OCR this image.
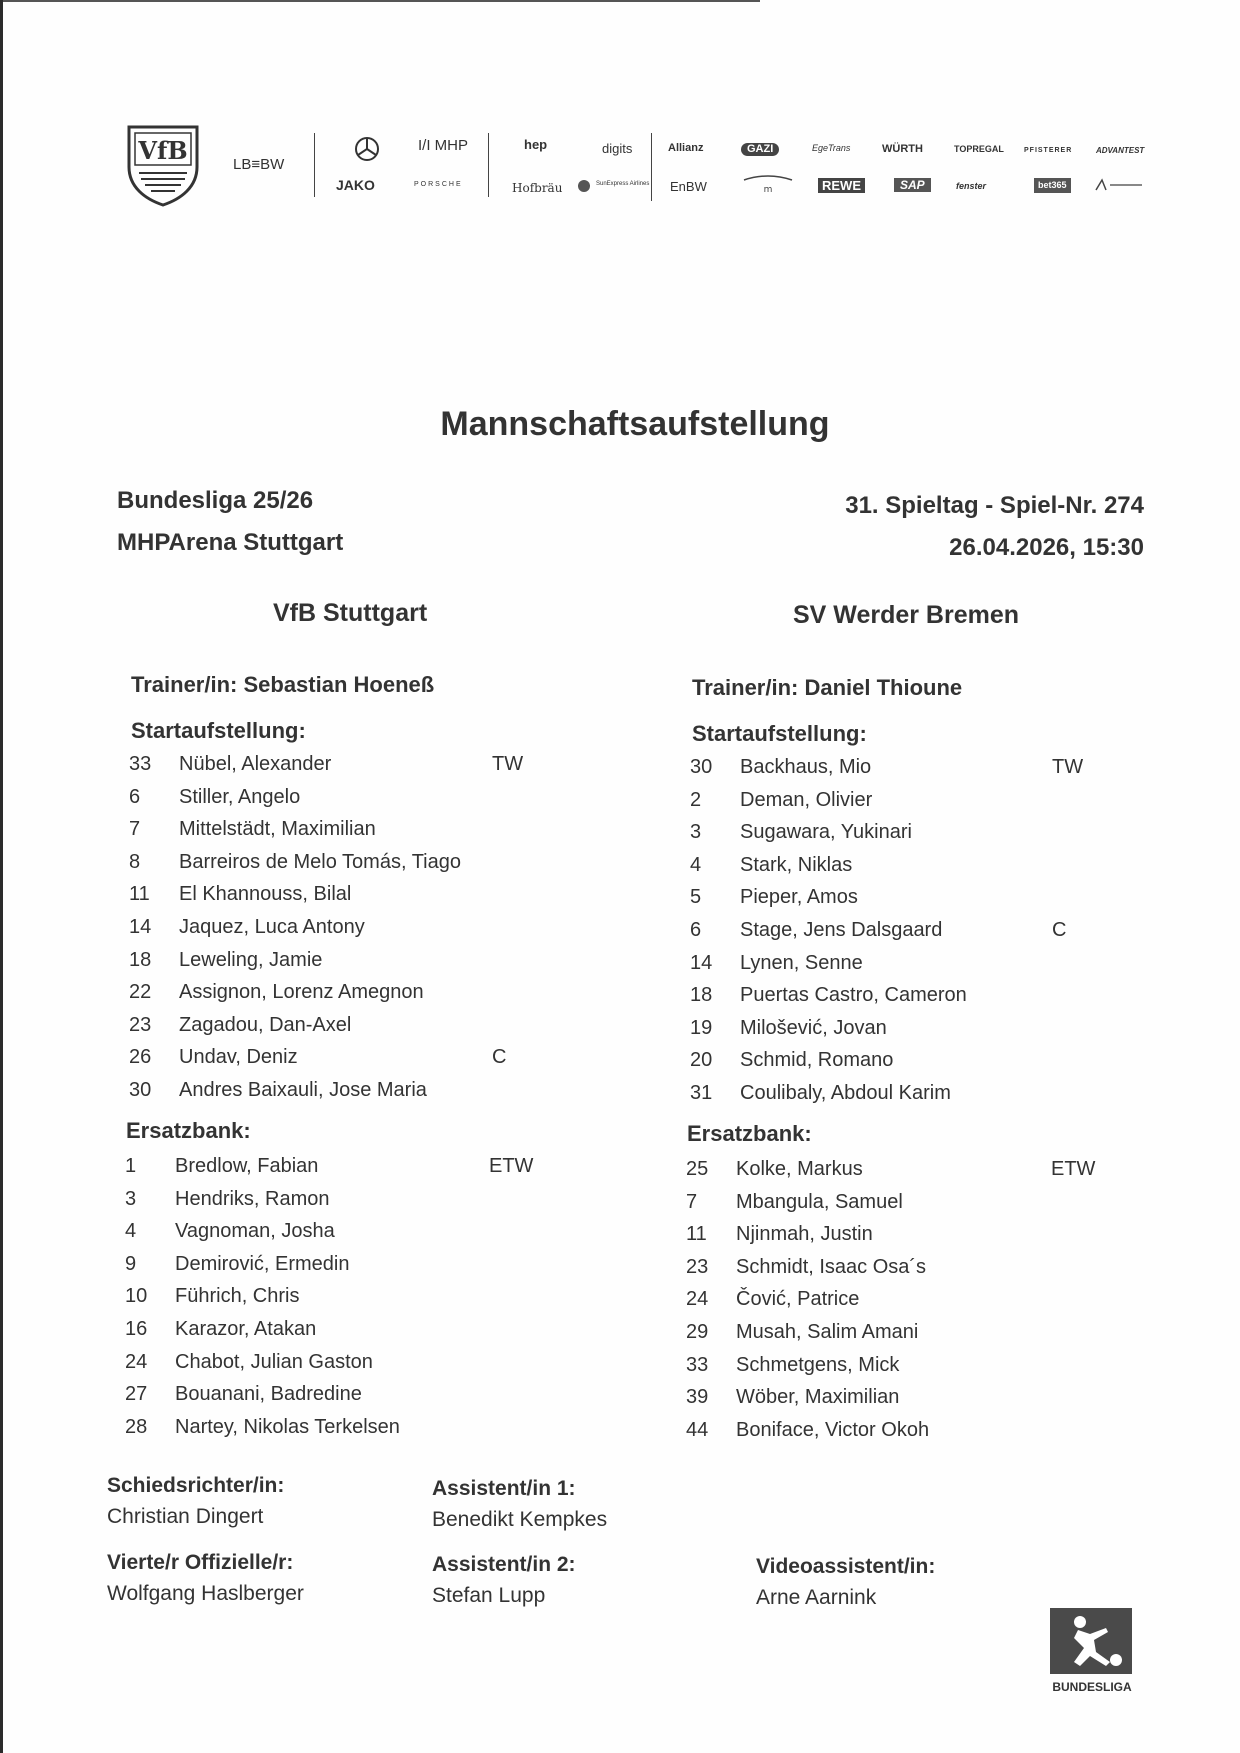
VfB	LB≡BW
JAKO
I/I MHP
PORSCHE
hep	digits
Hofbräu	SunExpress Airlines
Allianz	GAZI	EgeTrans	WÜRTH	TOPREGAL	PFISTERER	ADVANTEST
EnBW	m	REWE	SAP	fenster	bet365
Mannschaftsaufstellung
Bundesliga 25/26
MHPArena Stuttgart
31. Spieltag - Spiel-Nr. 274
26.04.2026, 15:30
VfB Stuttgart	SV Werder Bremen
Trainer/in: Sebastian Hoeneß	Trainer/in: Daniel Thioune
Startaufstellung:	Startaufstellung:
33	Nübel, Alexander	TW
6	Stiller, Angelo
7	Mittelstädt, Maximilian
8	Barreiros de Melo Tomás, Tiago
11	El Khannouss, Bilal
14	Jaquez, Luca Antony
18	Leweling, Jamie
22	Assignon, Lorenz Amegnon
23	Zagadou, Dan-Axel
26	Undav, Deniz	C
30	Andres Baixauli, Jose Maria
30	Backhaus, Mio	TW
2	Deman, Olivier
3	Sugawara, Yukinari
4	Stark, Niklas
5	Pieper, Amos
6	Stage, Jens Dalsgaard	C
14	Lynen, Senne
18	Puertas Castro, Cameron
19	Milošević, Jovan
20	Schmid, Romano
31	Coulibaly, Abdoul Karim
Ersatzbank:	Ersatzbank:
1	Bredlow, Fabian	ETW
3	Hendriks, Ramon
4	Vagnoman, Josha
9	Demirović, Ermedin
10	Führich, Chris
16	Karazor, Atakan
24	Chabot, Julian Gaston
27	Bouanani, Badredine
28	Nartey, Nikolas Terkelsen
25	Kolke, Markus	ETW
7	Mbangula, Samuel
11	Njinmah, Justin
23	Schmidt, Isaac Osa´s
24	Čović, Patrice
29	Musah, Salim Amani
33	Schmetgens, Mick
39	Wöber, Maximilian
44	Boniface, Victor Okoh
Schiedsrichter/in:
Christian Dingert
Assistent/in 1:
Benedikt Kempkes
Vierte/r Offizielle/r:
Wolfgang Haslberger
Assistent/in 2:
Stefan Lupp
Videoassistent/in:
Arne Aarnink
BUNDESLIGA
